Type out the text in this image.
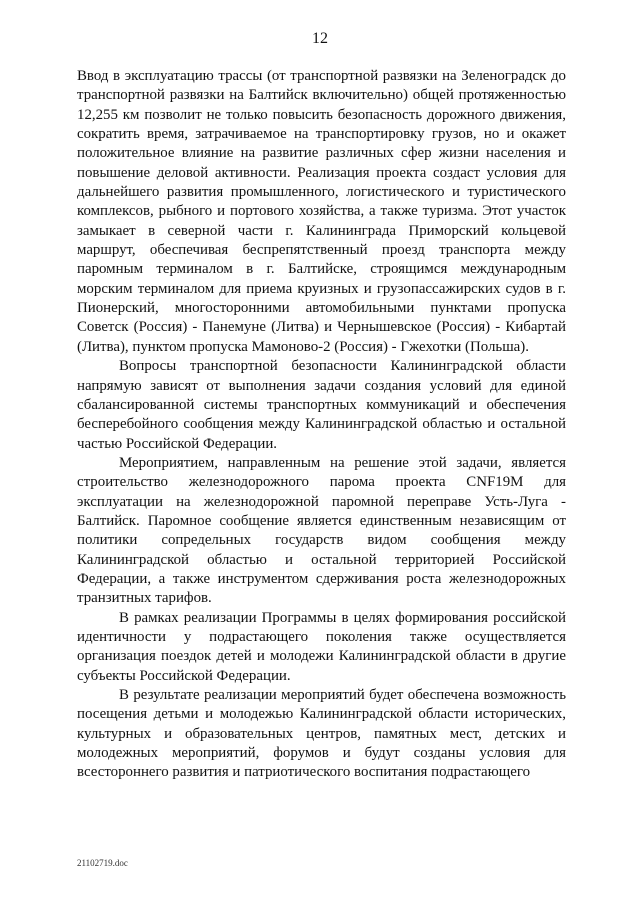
12

Ввод в эксплуатацию трассы (от транспортной развязки на Зеленоградск до транспортной развязки на Балтийск включительно) общей протяженностью 12,255 км позволит не только повысить безопасность дорожного движения, сократить время, затрачиваемое на транспортировку грузов, но и окажет положительное влияние на развитие различных сфер жизни населения и повышение деловой активности. Реализация проекта создаст условия для дальнейшего развития промышленного, логистического и туристического комплексов, рыбного и портового хозяйства, а также туризма. Этот участок замыкает в северной части г. Калининграда Приморский кольцевой маршрут, обеспечивая беспрепятственный проезд транспорта между паромным терминалом в г. Балтийске, строящимся международным морским терминалом для приема круизных и грузопассажирских судов в г. Пионерский, многосторонними автомобильными пунктами пропуска Советск (Россия) - Панемуне (Литва) и Чернышевское (Россия) - Кибартай (Литва), пунктом пропуска Мамоново-2 (Россия) - Гжехотки (Польша).

Вопросы транспортной безопасности Калининградской области напрямую зависят от выполнения задачи создания условий для единой сбалансированной системы транспортных коммуникаций и обеспечения бесперебойного сообщения между Калининградской областью и остальной частью Российской Федерации.

Мероприятием, направленным на решение этой задачи, является строительство железнодорожного парома проекта CNF19M для эксплуатации на железнодорожной паромной переправе Усть-Луга - Балтийск. Паромное сообщение является единственным независящим от политики сопредельных государств видом сообщения между Калининградской областью и остальной территорией Российской Федерации, а также инструментом сдерживания роста железнодорожных транзитных тарифов.

В рамках реализации Программы в целях формирования российской идентичности у подрастающего поколения также осуществляется организация поездок детей и молодежи Калининградской области в другие субъекты Российской Федерации.

В результате реализации мероприятий будет обеспечена возможность посещения детьми и молодежью Калининградской области исторических, культурных и образовательных центров, памятных мест, детских и молодежных мероприятий, форумов и будут созданы условия для всестороннего развития и патриотического воспитания подрастающего

21102719.doc
